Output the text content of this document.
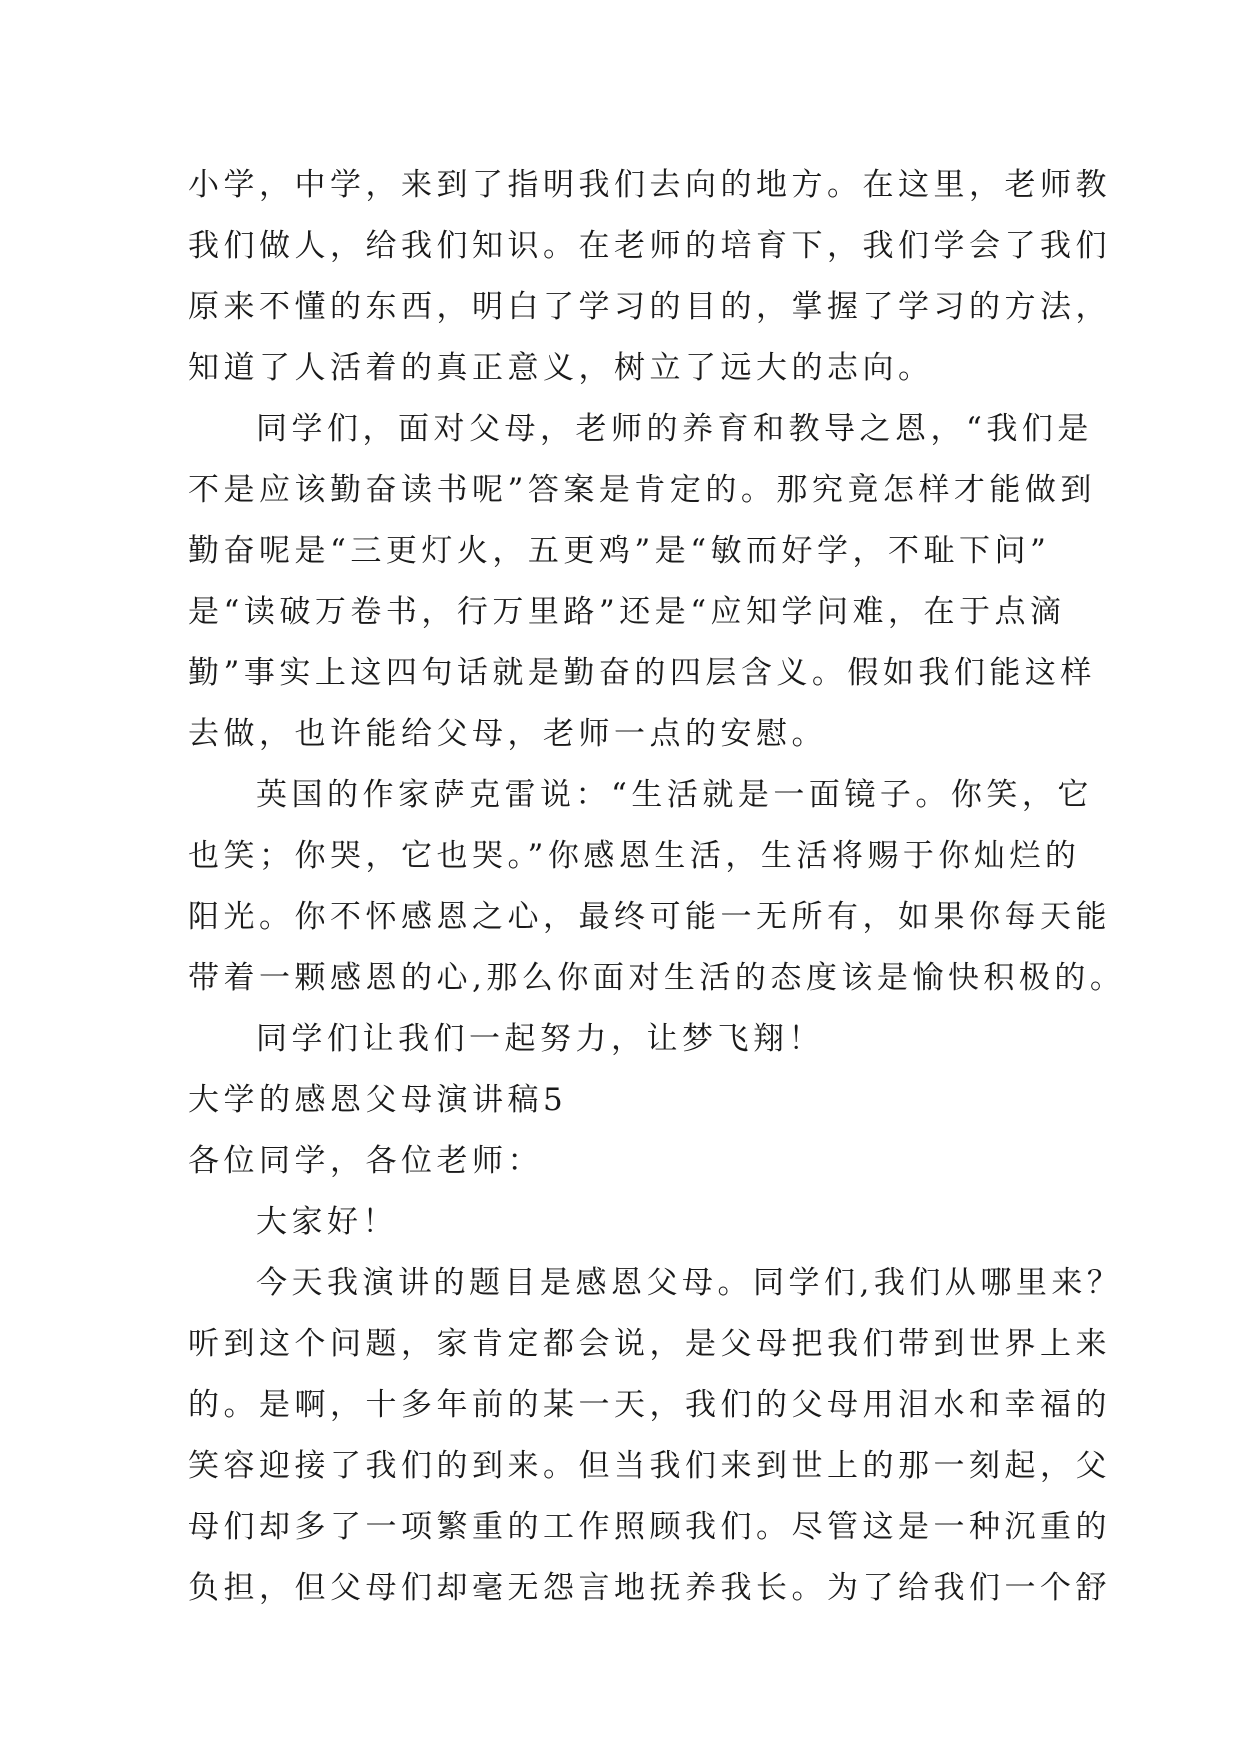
小学，中学，来到了指明我们去向的地方。在这里，老师教
我们做人，给我们知识。在老师的培育下，我们学会了我们
原来不懂的东西，明白了学习的目的，掌握了学习的方法，
知道了人活着的真正意义，树立了远大的志向。
同学们，面对父母，老师的养育和教导之恩，“我们是
不是应该勤奋读书呢”答案是肯定的。那究竟怎样才能做到
勤奋呢是“三更灯火，五更鸡”是“敏而好学，不耻下问”
是“读破万卷书，行万里路”还是“应知学问难，在于点滴
勤”事实上这四句话就是勤奋的四层含义。假如我们能这样
去做，也许能给父母，老师一点的安慰。
英国的作家萨克雷说：“生活就是一面镜子。你笑，它
也笑；你哭，它也哭。”你感恩生活，生活将赐于你灿烂的
阳光。你不怀感恩之心，最终可能一无所有，如果你每天能
带着一颗感恩的心,那么你面对生活的态度该是愉快积极的。
同学们让我们一起努力，让梦飞翔！
大学的感恩父母演讲稿5
各位同学，各位老师：
大家好！
今天我演讲的题目是感恩父母。同学们,我们从哪里来？
听到这个问题，家肯定都会说，是父母把我们带到世界上来
的。是啊，十多年前的某一天，我们的父母用泪水和幸福的
笑容迎接了我们的到来。但当我们来到世上的那一刻起，父
母们却多了一项繁重的工作照顾我们。尽管这是一种沉重的
负担，但父母们却毫无怨言地抚养我长。为了给我们一个舒
